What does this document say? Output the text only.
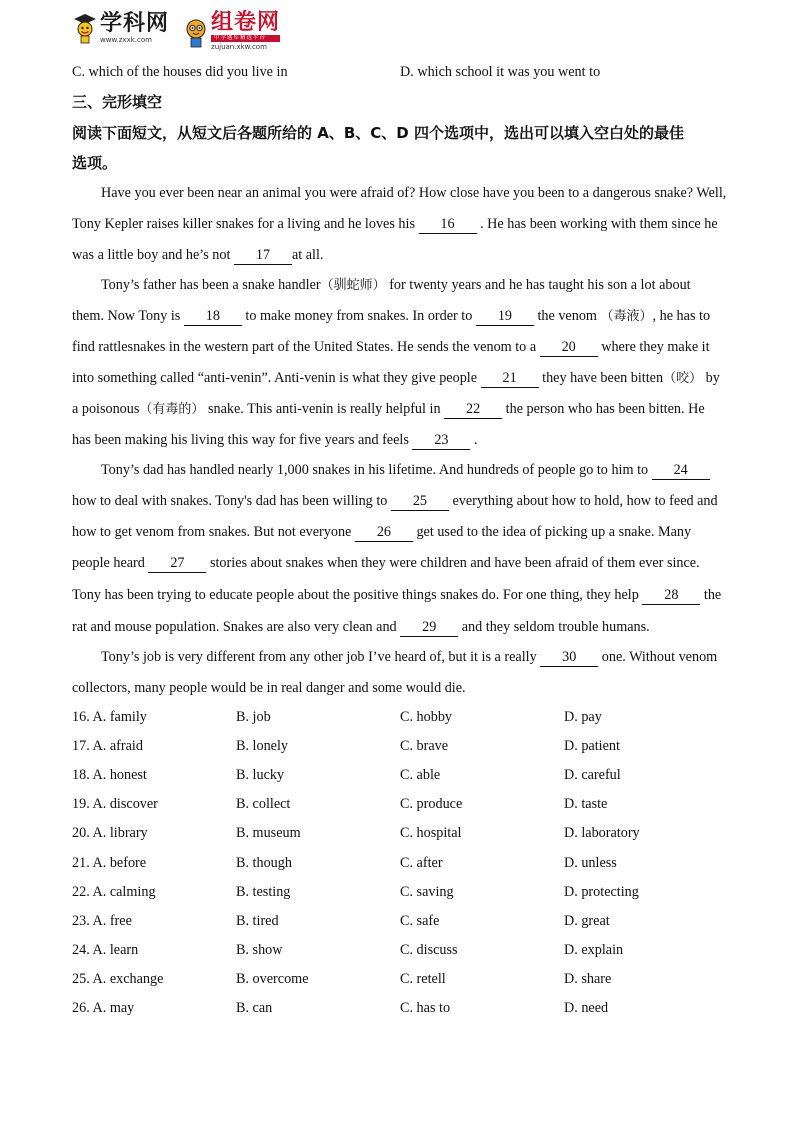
学科网
www.zxxk.com
组卷网
中学题库精选平台
zujuan.xkw.com
C. which of the houses did you live in	D. which school it was you went to
三、完形填空
阅读下面短文，从短文后各题所给的 A、B、C、D 四个选项中，选出可以填入空白处的最佳
选项。
Have you ever been near an animal you were afraid of? How close have you been to a dangerous snake? Well,
Tony Kepler raises killer snakes for a living and he loves his 16 . He has been working with them since he
was a little boy and he’s not 17 at all.
Tony’s father has been a snake handler（驯蛇师） for twenty years and he has taught his son a lot about
them. Now Tony is 18 to make money from snakes. In order to 19 the venom （毒液）, he has to
find rattlesnakes in the western part of the United States. He sends the venom to a 20 where they make it
into something called “anti-venin”. Anti-venin is what they give people 21 they have been bitten（咬） by
a poisonous（有毒的） snake. This anti-venin is really helpful in 22 the person who has been bitten. He
has been making his living this way for five years and feels 23 .
Tony’s dad has handled nearly 1,000 snakes in his lifetime. And hundreds of people go to him to 24
how to deal with snakes. Tony's dad has been willing to 25 everything about how to hold, how to feed and
how to get venom from snakes. But not everyone 26 get used to the idea of picking up a snake. Many
people heard 27 stories about snakes when they were children and have been afraid of them ever since.
Tony has been trying to educate people about the positive things snakes do. For one thing, they help 28 the
rat and mouse population. Snakes are also very clean and 29 and they seldom trouble humans.
Tony’s job is very different from any other job I’ve heard of, but it is a really 30 one. Without venom
collectors, many people would be in real danger and some would die.
16. A. family	B. job	C. hobby	D. pay
17. A. afraid	B. lonely	C. brave	D. patient
18. A. honest	B. lucky	C. able	D. careful
19. A. discover	B. collect	C. produce	D. taste
20. A. library	B. museum	C. hospital	D. laboratory
21. A. before	B. though	C. after	D. unless
22. A. calming	B. testing	C. saving	D. protecting
23. A. free	B. tired	C. safe	D. great
24. A. learn	B. show	C. discuss	D. explain
25. A. exchange	B. overcome	C. retell	D. share
26. A. may	B. can	C. has to	D. need
